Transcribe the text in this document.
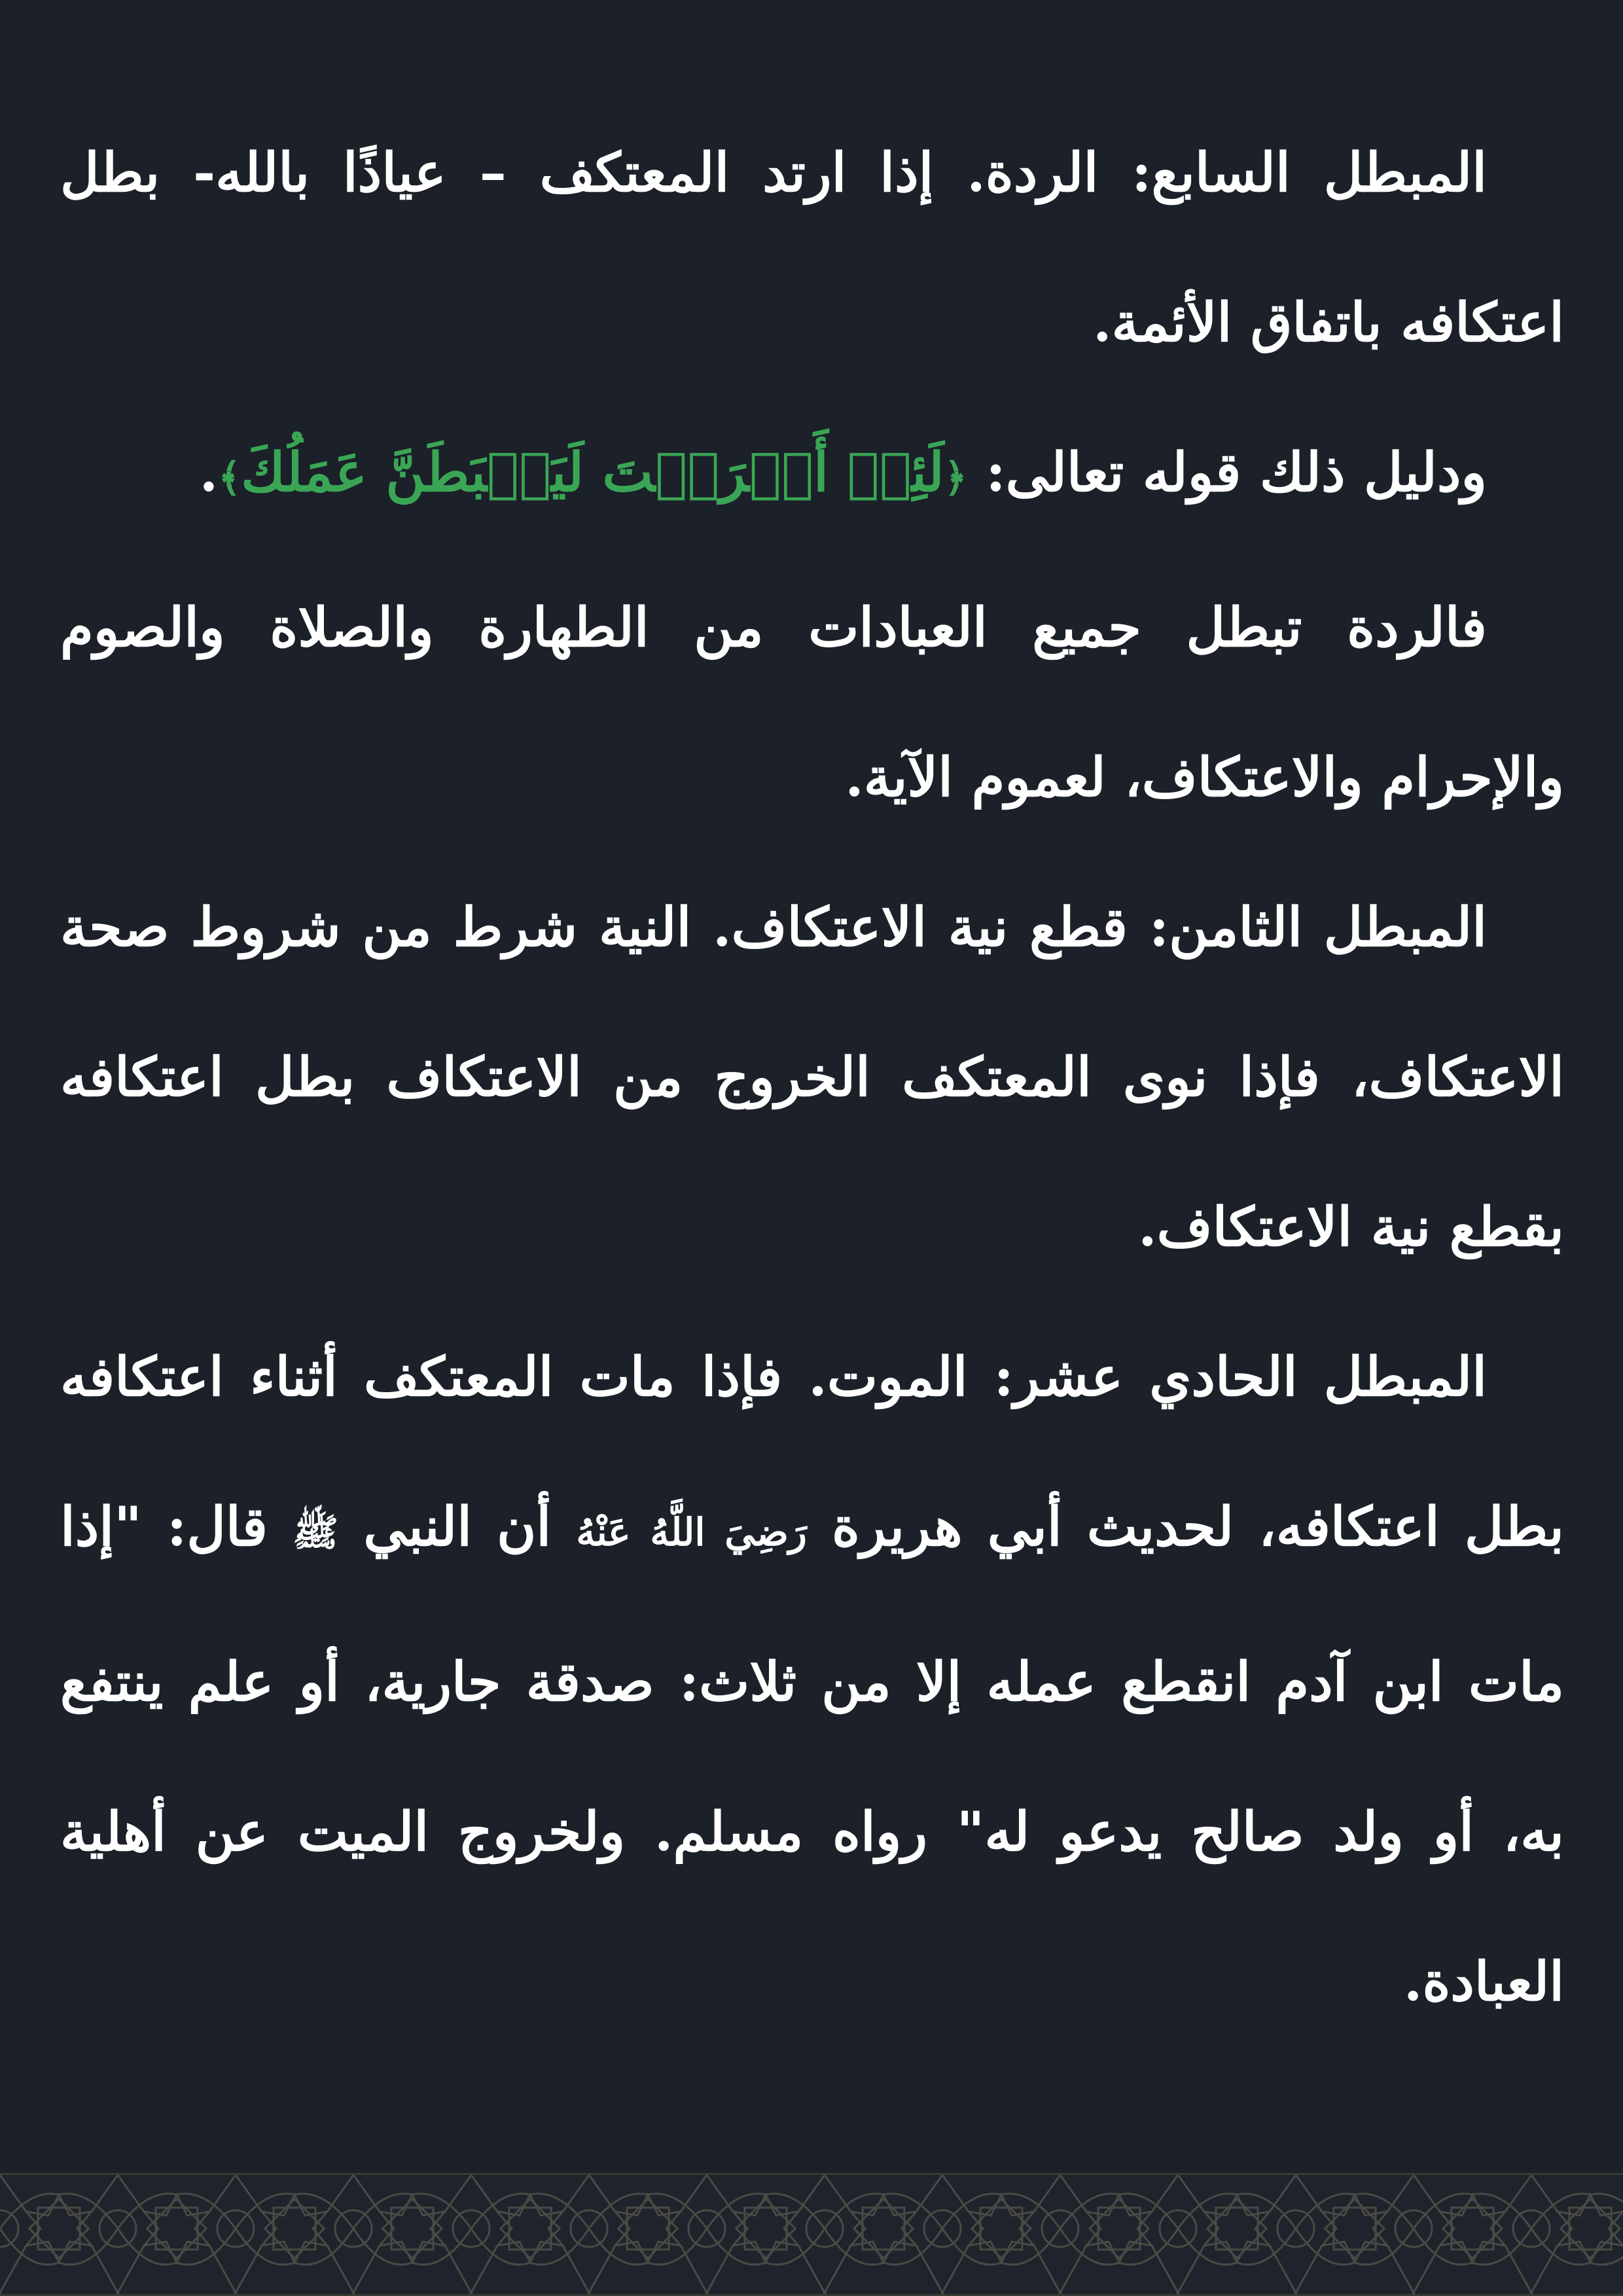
المبطل السابع: الردة. إذا ارتد المعتكف – عياذًا بالله- بطل اعتكافه باتفاق الأئمة.

ودليل ذلك قوله تعالى: ﴿لَئِنۡ أَشۡرَكۡتَ لَيَحۡبَطَنَّ عَمَلُكَ﴾.

فالردة تبطل جميع العبادات من الطهارة والصلاة والصوم والإحرام والاعتكاف، لعموم الآية.

المبطل الثامن: قطع نية الاعتكاف. النية شرط من شروط صحة الاعتكاف، فإذا نوى المعتكف الخروج من الاعتكاف بطل اعتكافه بقطع نية الاعتكاف.

المبطل الحادي عشر: الموت. فإذا مات المعتكف أثناء اعتكافه بطل اعتكافه، لحديث أبي هريرة رَضِيَ اللَّهُ عَنْهُ أن النبي ﷺ قال: "إذا مات ابن آدم انقطع عمله إلا من ثلاث: صدقة جارية، أو علم ينتفع به، أو ولد صالح يدعو له" رواه مسلم. ولخروج الميت عن أهلية العبادة.
